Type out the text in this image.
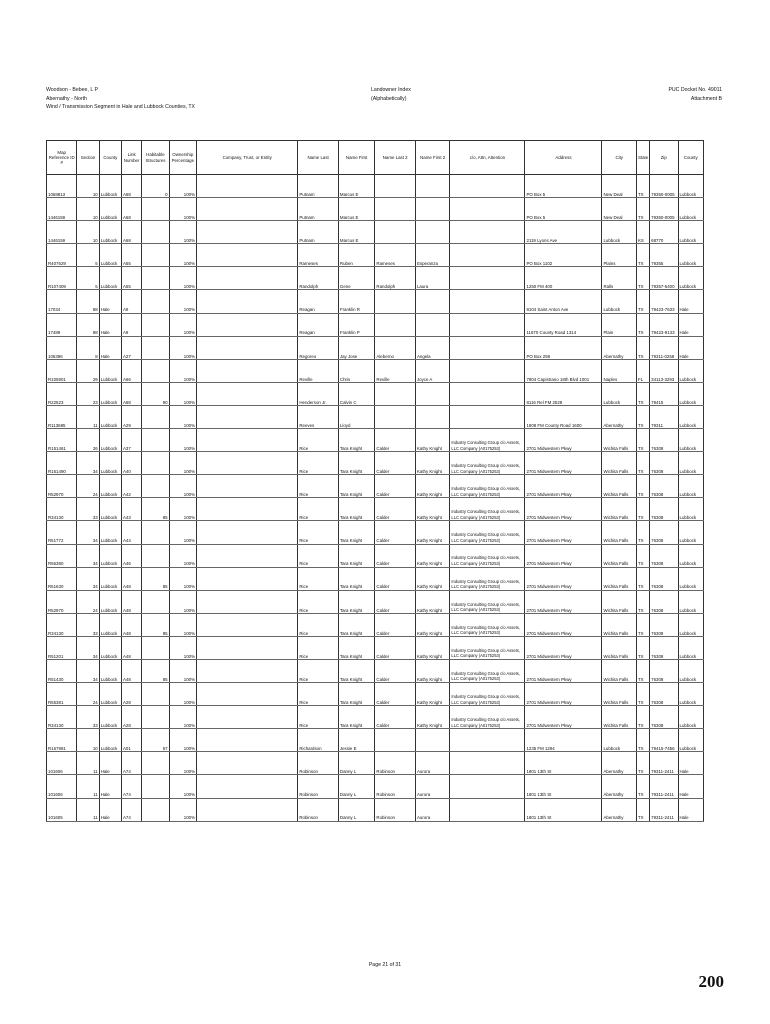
Woodson - Bebee, L P
Abernathy - North
Wind / Transmission Segment in Hale and Lubbock Counties, TX
Landowner Index
(Alphabetically)
PUC Docket No. 49011
Attachment B
Map Reference ID #	Section	County	Link Number	Habitable Structures	Ownership Percentage	Company, Trust, or Entity	Name Last	Name First	Name Last 2	Name First 2	c/o, Attn, Attention	Address	City	State	Zip	County
1068813	10	Lubbock	A68	0	100%		Putnam	Marcus E				PO Box 5	New Deal	TX	79350-0005	Lubbock
1446159	10	Lubbock	A68		100%		Putnam	Marcus E				PO Box 5	New Deal	TX	79350-0005	Lubbock
1446159	10	Lubbock	A68		100%		Putnam	Marcus E				2119 Lyons Ave	Lubbock	KS	68770	Lubbock
R407629	5	Lubbock	A55		100%		Rameses	Ruben	Rameses	Esperanza		PO Box 1102	Plains	TX	79355	Lubbock
R107409	5	Lubbock	A55		100%		Randolph	Gene	Randolph	Laura		1250 FM 400	Ralls	TX	79357-5400	Lubbock
17034	88	Hale	A9		100%		Reagan	Franklin R				9104 Saint Anton Ave	Lubbock	TX	79423-7633	Hale
17489	88	Hale	A9		100%		Reagan	Franklin P				11670 County Road 1314	Plain	TX	79423-9133	Hale
106396	8	Hale	A27		100%		Regoreo	Jay Jose	Aleberno	Angela		PO Box 258	Abernathy	TX	79311-0258	Hale
R105901	29	Lubbock	A66		100%		Reville	Chris	Reville	Joyce A		7804 Capistrano 18th Blvd 1001	Naples	FL	34113-3293	Lubbock
R22523	23	Lubbock	A68	90	100%		Henderson Jr.	Calvin C				8116 Rel FM 2528	Lubbock	TX	79415	Lubbock
R113685	11	Lubbock	A29		100%		Reeves	Lloyd				1908 FM County Road 1600	Abernathy	TX	79311	Lubbock
R151461	26	Lubbock	A37		100%		Rice	Tara Knight	Calder	Kathy Knight	Industry Consulting Group c/o Assets, LLC Company (A0175253)	2701 Midwestern Pkwy	Wichita Falls	TX	76308	Lubbock
R151490	34	Lubbock	A40		100%		Rice	Tara Knight	Calder	Kathy Knight	Industry Consulting Group c/o Assets, LLC Company (A0175253)	2701 Midwestern Pkwy	Wichita Falls	TX	76308	Lubbock
R52970	24	Lubbock	A42		100%		Rice	Tara Knight	Calder	Kathy Knight	Industry Consulting Group c/o Assets, LLC Company (A0175253)	2701 Midwestern Pkwy	Wichita Falls	TX	76308	Lubbock
R34130	33	Lubbock	A43	85	100%		Rice	Tara Knight	Calder	Kathy Knight	Industry Consulting Group c/o Assets, LLC Company (A0175253)	2701 Midwestern Pkwy	Wichita Falls	TX	76308	Lubbock
R51772	34	Lubbock	A44		100%		Rice	Tara Knight	Calder	Kathy Knight	Industry Consulting Group c/o Assets, LLC Company (A0175253)	2701 Midwestern Pkwy	Wichita Falls	TX	76308	Lubbock
R56380	34	Lubbock	A46		100%		Rice	Tara Knight	Calder	Kathy Knight	Industry Consulting Group c/o Assets, LLC Company (A0175253)	2701 Midwestern Pkwy	Wichita Falls	TX	76308	Lubbock
R51630	34	Lubbock	A48	85	100%		Rice	Tara Knight	Calder	Kathy Knight	Industry Consulting Group c/o Assets, LLC Company (A0175253)	2701 Midwestern Pkwy	Wichita Falls	TX	76308	Lubbock
R52970	24	Lubbock	A48		100%		Rice	Tara Knight	Calder	Kathy Knight	Industry Consulting Group c/o Assets, LLC Company (A0175253)	2701 Midwestern Pkwy	Wichita Falls	TX	76308	Lubbock
R34130	33	Lubbock	A48	85	100%		Rice	Tara Knight	Calder	Kathy Knight	Industry Consulting Group c/o Assets, LLC Company (A0175253)	2701 Midwestern Pkwy	Wichita Falls	TX	76308	Lubbock
R51201	34	Lubbock	A48		100%		Rice	Tara Knight	Calder	Kathy Knight	Industry Consulting Group c/o Assets, LLC Company (A0175253)	2701 Midwestern Pkwy	Wichita Falls	TX	76308	Lubbock
R51430	34	Lubbock	A48	85	100%		Rice	Tara Knight	Calder	Kathy Knight	Industry Consulting Group c/o Assets, LLC Company (A0175253)	2701 Midwestern Pkwy	Wichita Falls	TX	76308	Lubbock
R55381	24	Lubbock	A28		100%		Rice	Tara Knight	Calder	Kathy Knight	Industry Consulting Group c/o Assets, LLC Company (A0175253)	2701 Midwestern Pkwy	Wichita Falls	TX	76308	Lubbock
R34130	33	Lubbock	A28		100%		Rice	Tara Knight	Calder	Kathy Knight	Industry Consulting Group c/o Assets, LLC Company (A0175253)	2701 Midwestern Pkwy	Wichita Falls	TX	76308	Lubbock
R167981	10	Lubbock	A01	67	100%		Richardson	Jessie E				1235 FM 1294	Lubbock	TX	79415-7456	Lubbock
101606	11	Hale	A74		100%		Robinson	Danny L	Robinson	Aurora		1801 13th St	Abernathy	TX	79311-2411	Hale
101606	11	Hale	A74		100%		Robinson	Danny L	Robinson	Aurora		1801 13th St	Abernathy	TX	79311-2411	Hale
101605	11	Hale	A74		100%		Robinson	Danny L	Robinson	Aurora		1801 13th St	Abernathy	TX	79311-2411	Hale
Page 21 of 31
200
